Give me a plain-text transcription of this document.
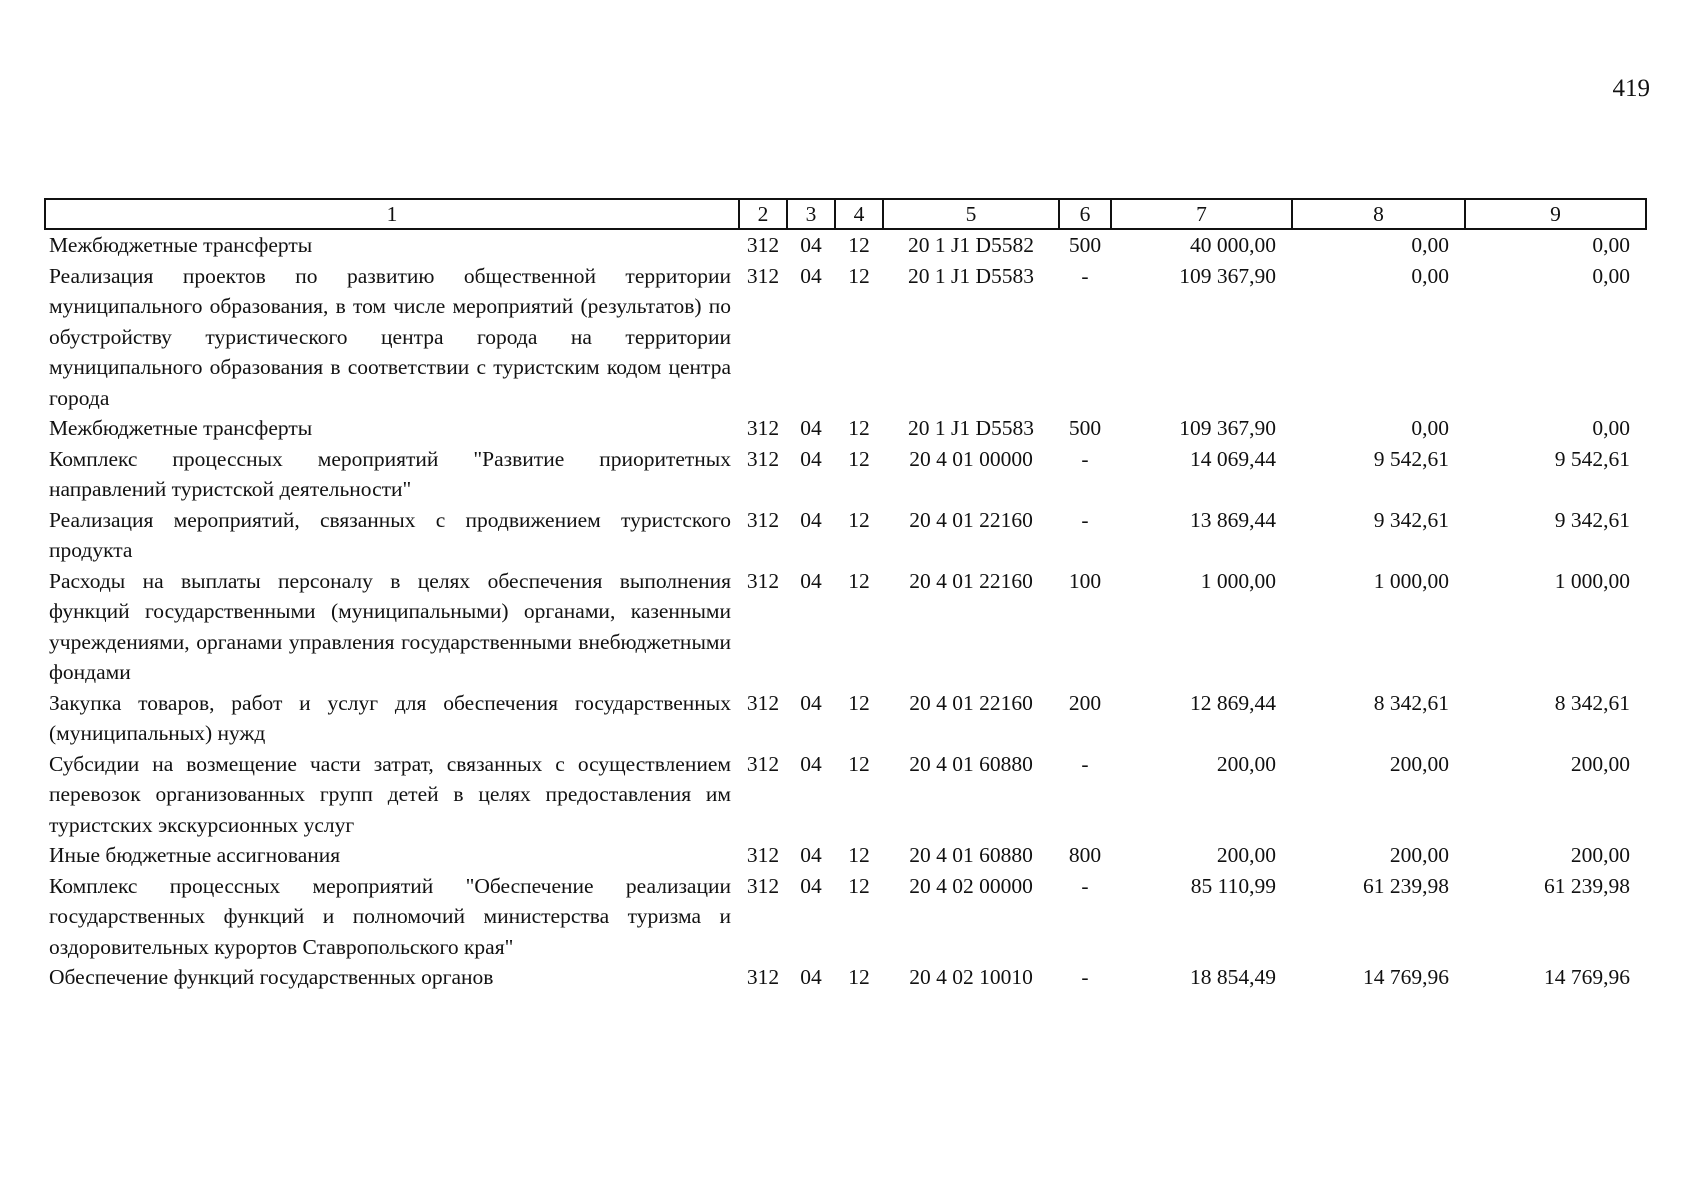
419
1	2	3	4	5	6	7	8	9
Межбюджетные трансферты	312	04	12	20 1 J1 D5582	500	40 000,00	0,00	0,00
Реализация проектов по развитию общественной территории муниципального образования, в том числе мероприятий (результатов) по обустройству туристического центра города на территории муниципального образования в соответствии с туристским кодом центра города	312	04	12	20 1 J1 D5583	-	109 367,90	0,00	0,00
Межбюджетные трансферты	312	04	12	20 1 J1 D5583	500	109 367,90	0,00	0,00
Комплекс процессных мероприятий "Развитие приоритетных направлений туристской деятельности"	312	04	12	20 4 01 00000	-	14 069,44	9 542,61	9 542,61
Реализация мероприятий, связанных с продвижением туристского продукта	312	04	12	20 4 01 22160	-	13 869,44	9 342,61	9 342,61
Расходы на выплаты персоналу в целях обеспечения выполнения функций государственными (муниципальными) органами, казенными учреждениями, органами управления государственными внебюджетными фондами	312	04	12	20 4 01 22160	100	1 000,00	1 000,00	1 000,00
Закупка товаров, работ и услуг для обеспечения государственных (муниципальных) нужд	312	04	12	20 4 01 22160	200	12 869,44	8 342,61	8 342,61
Субсидии на возмещение части затрат, связанных с осуществлением перевозок организованных групп детей в целях предоставления им туристских экскурсионных услуг	312	04	12	20 4 01 60880	-	200,00	200,00	200,00
Иные бюджетные ассигнования	312	04	12	20 4 01 60880	800	200,00	200,00	200,00
Комплекс процессных мероприятий "Обеспечение реализации государственных функций и полномочий министерства туризма и оздоровительных курортов Ставропольского края"	312	04	12	20 4 02 00000	-	85 110,99	61 239,98	61 239,98
Обеспечение функций государственных органов	312	04	12	20 4 02 10010	-	18 854,49	14 769,96	14 769,96
